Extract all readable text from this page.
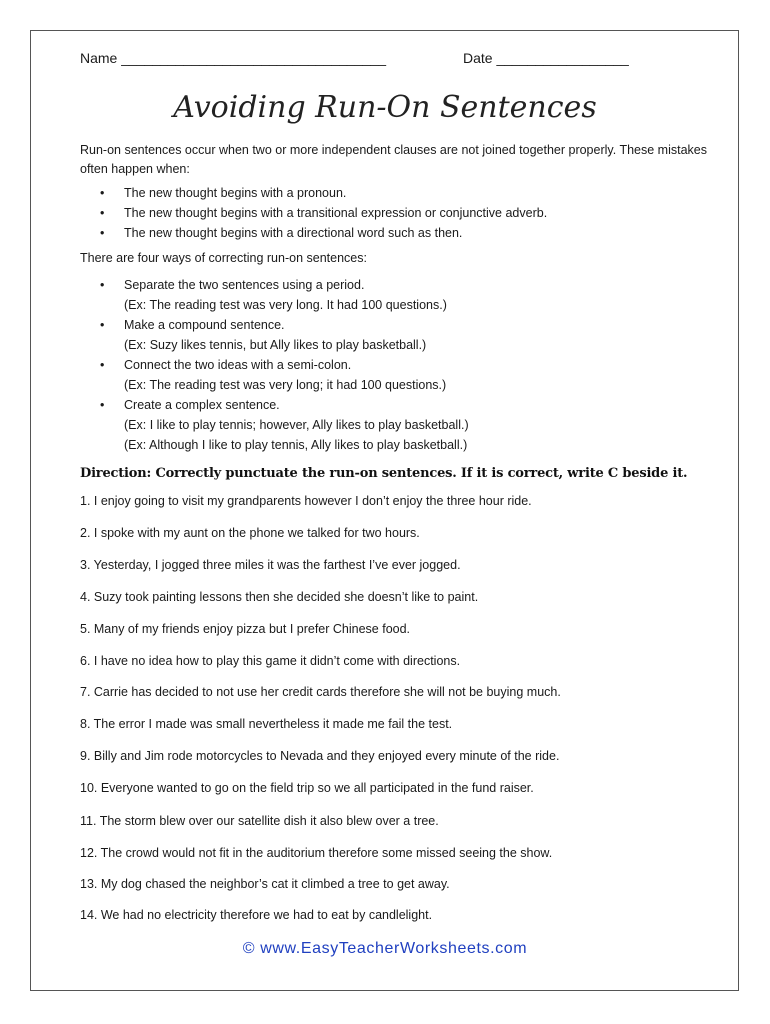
Name __________________________________	Date _________________
Avoiding Run-On Sentences
Run-on sentences occur when two or more independent clauses are not joined together properly. These mistakes often happen when:
• The new thought begins with a pronoun.
• The new thought begins with a transitional expression or conjunctive adverb.
• The new thought begins with a directional word such as then.
There are four ways of correcting run-on sentences:
• Separate the two sentences using a period.
(Ex: The reading test was very long. It had 100 questions.)
• Make a compound sentence.
(Ex: Suzy likes tennis, but Ally likes to play basketball.)
• Connect the two ideas with a semi-colon.
(Ex: The reading test was very long; it had 100 questions.)
• Create a complex sentence.
(Ex: I like to play tennis; however, Ally likes to play basketball.)
(Ex: Although I like to play tennis, Ally likes to play basketball.)
Direction: Correctly punctuate the run-on sentences. If it is correct, write C beside it.
1. I enjoy going to visit my grandparents however I don’t enjoy the three hour ride.
2. I spoke with my aunt on the phone we talked for two hours.
3. Yesterday, I jogged three miles it was the farthest I’ve ever jogged.
4. Suzy took painting lessons then she decided she doesn’t like to paint.
5. Many of my friends enjoy pizza but I prefer Chinese food.
6. I have no idea how to play this game it didn’t come with directions.
7. Carrie has decided to not use her credit cards therefore she will not be buying much.
8. The error I made was small nevertheless it made me fail the test.
9. Billy and Jim rode motorcycles to Nevada and they enjoyed every minute of the ride.
10. Everyone wanted to go on the field trip so we all participated in the fund raiser.
11. The storm blew over our satellite dish it also blew over a tree.
12. The crowd would not fit in the auditorium therefore some missed seeing the show.
13. My dog chased the neighbor’s cat it climbed a tree to get away.
14. We had no electricity therefore we had to eat by candlelight.
© www.EasyTeacherWorksheets.com
